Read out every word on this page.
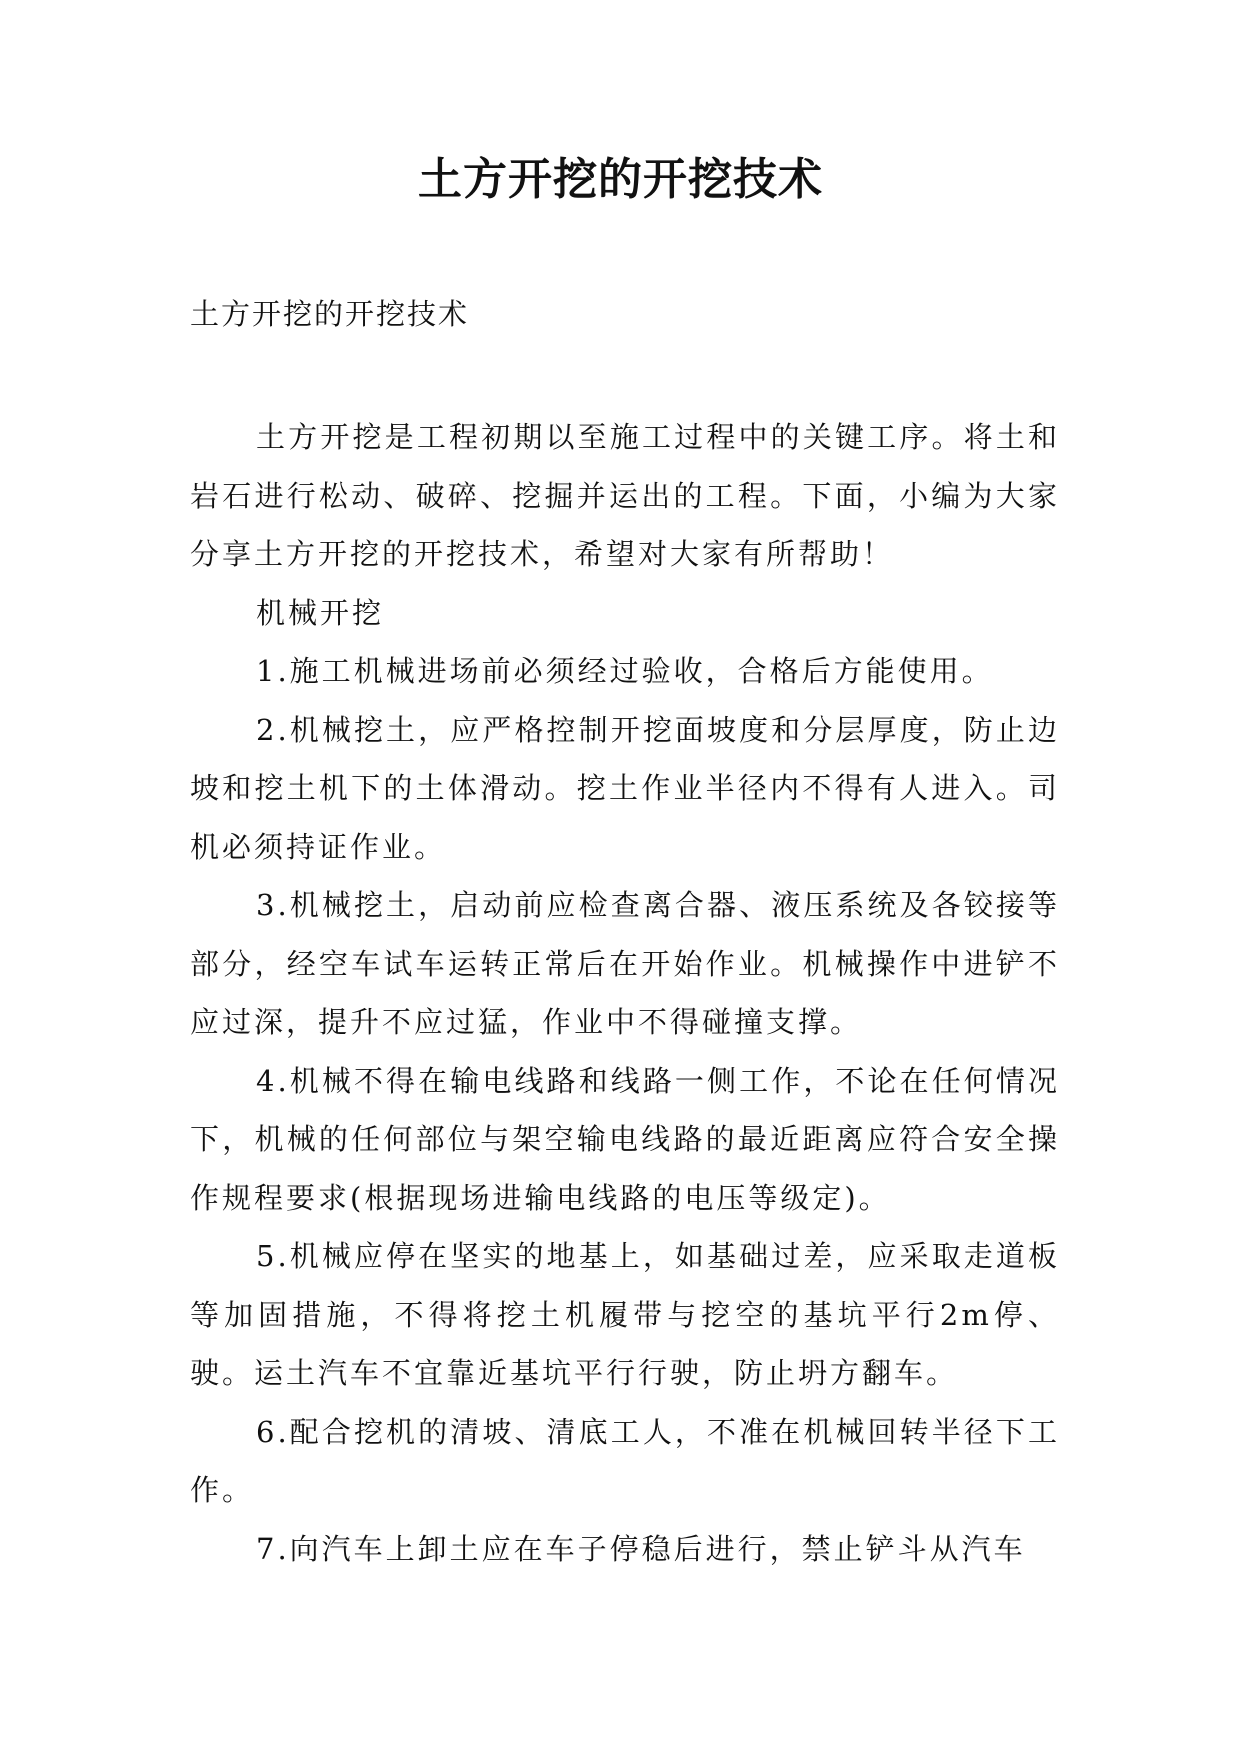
土方开挖的开挖技术
土方开挖的开挖技术

土方开挖是工程初期以至施工过程中的关键工序。将土和岩石进行松动、破碎、挖掘并运出的工程。下面，小编为大家分享土方开挖的开挖技术，希望对大家有所帮助！

机械开挖

1.施工机械进场前必须经过验收，合格后方能使用。

2.机械挖土，应严格控制开挖面坡度和分层厚度，防止边坡和挖土机下的土体滑动。挖土作业半径内不得有人进入。司机必须持证作业。

3.机械挖土，启动前应检查离合器、液压系统及各铰接等部分，经空车试车运转正常后在开始作业。机械操作中进铲不应过深，提升不应过猛，作业中不得碰撞支撑。

4.机械不得在输电线路和线路一侧工作，不论在任何情况下，机械的任何部位与架空输电线路的最近距离应符合安全操作规程要求(根据现场进输电线路的电压等级定)。

5.机械应停在坚实的地基上，如基础过差，应采取走道板等加固措施，不得将挖土机履带与挖空的基坑平行2m停、驶。运土汽车不宜靠近基坑平行行驶，防止坍方翻车。

6.配合挖机的清坡、清底工人，不准在机械回转半径下工作。

7.向汽车上卸土应在车子停稳后进行，禁止铲斗从汽车
